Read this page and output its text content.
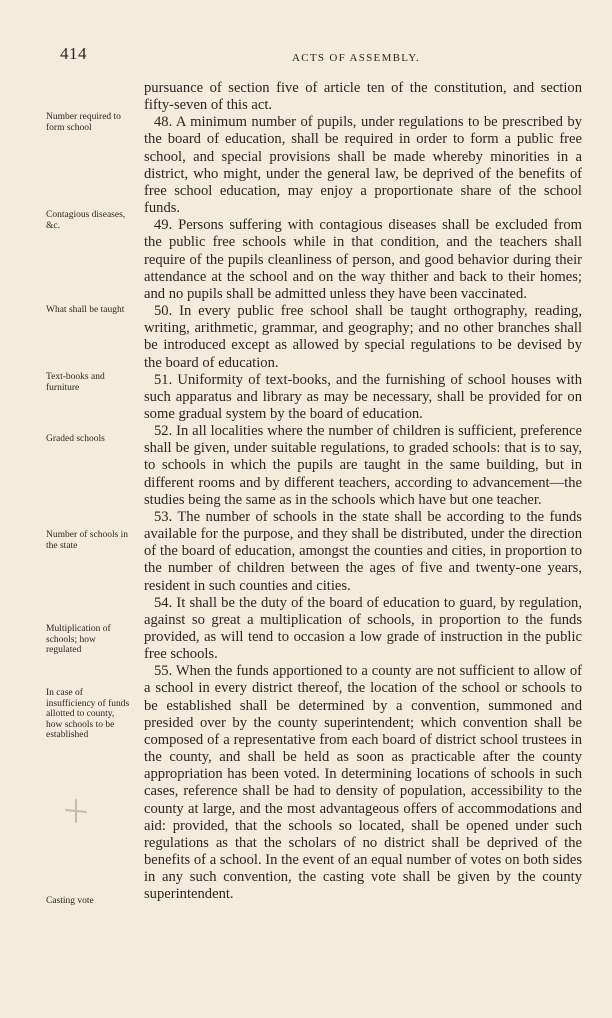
414	ACTS OF ASSEMBLY.
Number required to form school
Contagious diseases, &c.
What shall be taught
Text-books and furniture
Graded schools
Number of schools in the state
Multiplication of schools; how regulated
In case of insufficiency of funds allotted to county, how schools to be established
Casting vote

pursuance of section five of article ten of the constitution, and section fifty-seven of this act.

48. A minimum number of pupils, under regulations to be prescribed by the board of education, shall be required in order to form a public free school, and special provisions shall be made whereby minorities in a district, who might, under the general law, be deprived of the benefits of free school education, may enjoy a proportionate share of the school funds.

49. Persons suffering with contagious diseases shall be excluded from the public free schools while in that condition, and the teachers shall require of the pupils cleanliness of person, and good behavior during their attendance at the school and on the way thither and back to their homes; and no pupils shall be admitted unless they have been vaccinated.

50. In every public free school shall be taught orthography, reading, writing, arithmetic, grammar, and geography; and no other branches shall be introduced except as allowed by special regulations to be devised by the board of education.

51. Uniformity of text-books, and the furnishing of school houses with such apparatus and library as may be necessary, shall be provided for on some gradual system by the board of education.

52. In all localities where the number of children is sufficient, preference shall be given, under suitable regulations, to graded schools: that is to say, to schools in which the pupils are taught in the same building, but in different rooms and by different teachers, according to advancement—the studies being the same as in the schools which have but one teacher.

53. The number of schools in the state shall be according to the funds available for the purpose, and they shall be distributed, under the direction of the board of education, amongst the counties and cities, in proportion to the number of children between the ages of five and twenty-one years, resident in such counties and cities.

54. It shall be the duty of the board of education to guard, by regulation, against so great a multiplication of schools, in proportion to the funds provided, as will tend to occasion a low grade of instruction in the public free schools.

55. When the funds apportioned to a county are not sufficient to allow of a school in every district thereof, the location of the school or schools to be established shall be determined by a convention, summoned and presided over by the county superintendent; which convention shall be composed of a representative from each board of district school trustees in the county, and shall be held as soon as practicable after the county appropriation has been voted. In determining locations of schools in such cases, reference shall be had to density of population, accessibility to the county at large, and the most advantageous offers of accommodations and aid: provided, that the schools so located, shall be opened under such regulations as that the scholars of no district shall be deprived of the benefits of a school. In the event of an equal number of votes on both sides in any such convention, the casting vote shall be given by the county superintendent.
